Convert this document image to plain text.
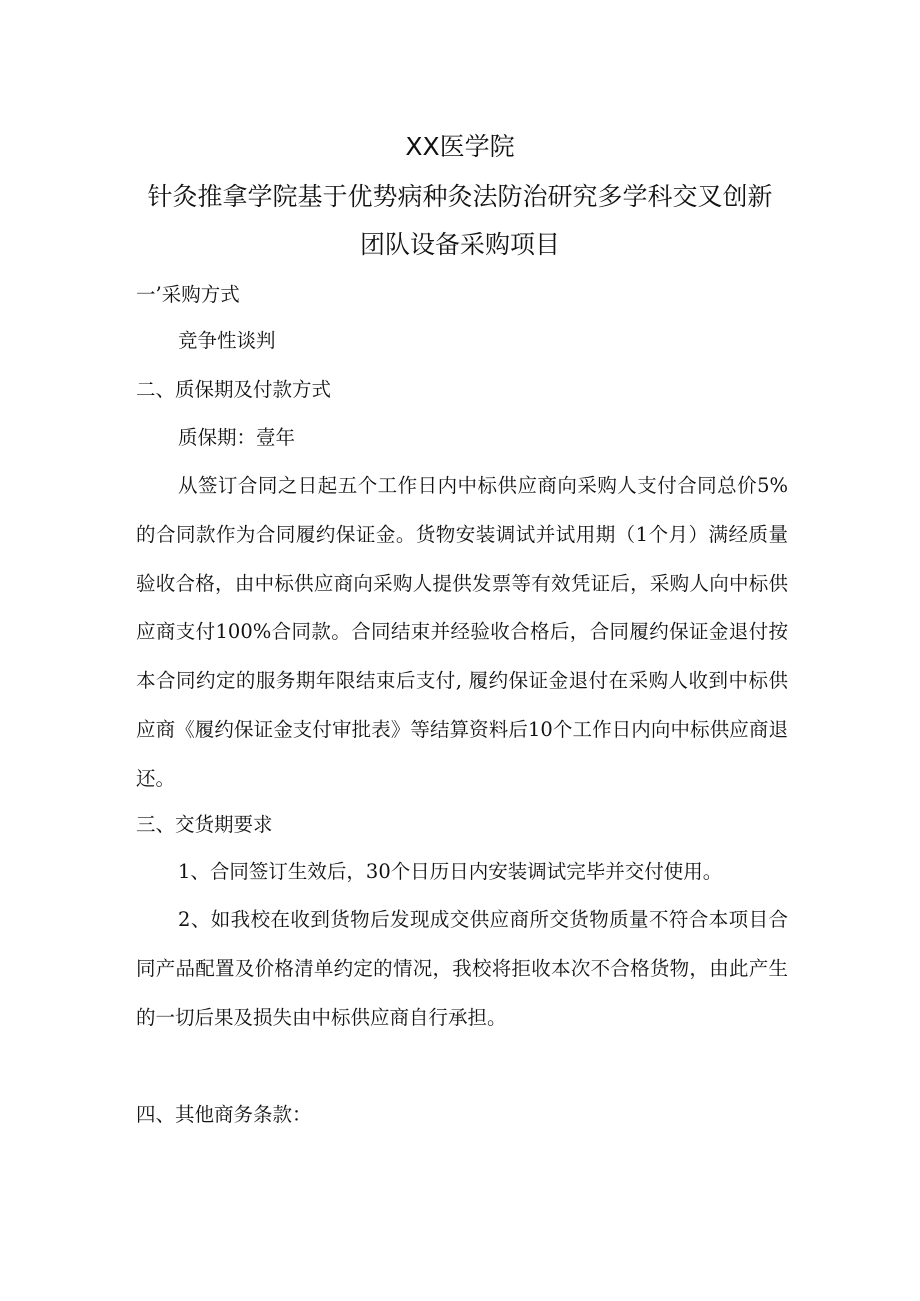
XX医学院
针灸推拿学院基于优势病种灸法防治研究多学科交叉创新
团队设备采购项目
一’采购方式
竞争性谈判
二、质保期及付款方式
质保期：壹年

从签订合同之日起五个工作日内中标供应商向采购人支付合同总价5%的合同款作为合同履约保证金。货物安装调试并试用期（1个月）满经质量验收合格，由中标供应商向采购人提供发票等有效凭证后，采购人向中标供应商支付100%合同款。合同结束并经验收合格后，合同履约保证金退付按本合同约定的服务期年限结束后支付, 履约保证金退付在采购人收到中标供应商《履约保证金支付审批表》等结算资料后10个工作日内向中标供应商退还。

三、交货期要求
1、合同签订生效后，30个日历日内安装调试完毕并交付使用。

2、如我校在收到货物后发现成交供应商所交货物质量不符合本项目合同产品配置及价格清单约定的情况，我校将拒收本次不合格货物，由此产生的一切后果及损失由中标供应商自行承担。

四、其他商务条款：
